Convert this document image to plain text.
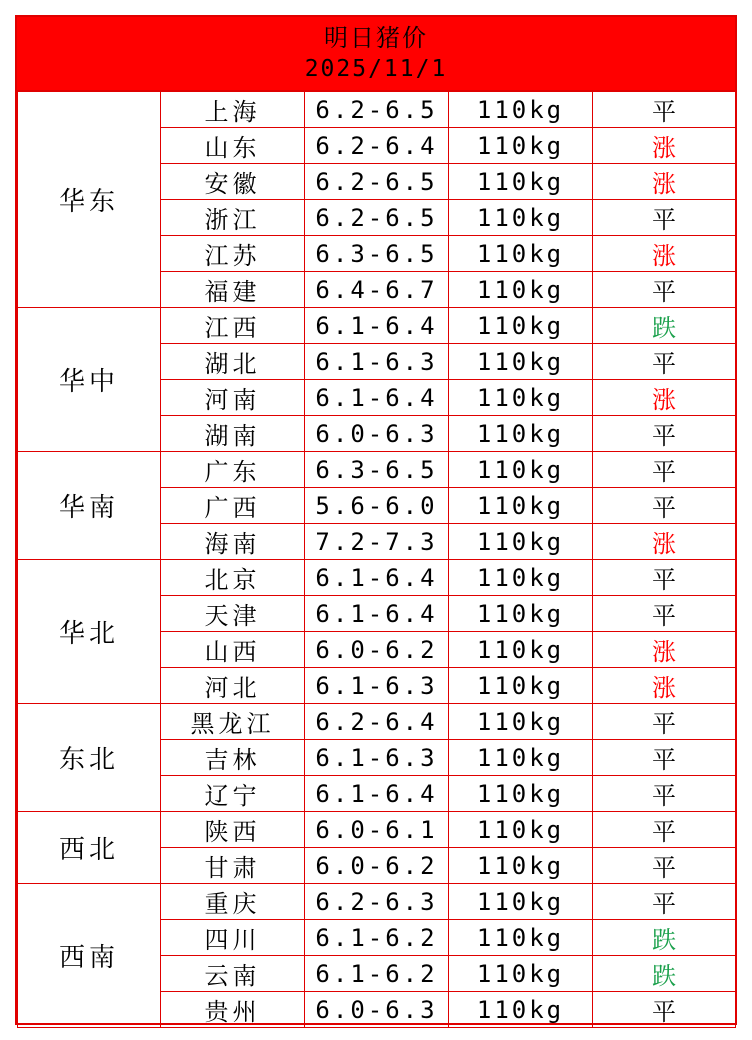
明日猪价
2025/11/1
华东	上海	6.2-6.5	110kg	平
	山东	6.2-6.4	110kg	涨
	安徽	6.2-6.5	110kg	涨
	浙江	6.2-6.5	110kg	平
	江苏	6.3-6.5	110kg	涨
	福建	6.4-6.7	110kg	平
华中	江西	6.1-6.4	110kg	跌
	湖北	6.1-6.3	110kg	平
	河南	6.1-6.4	110kg	涨
	湖南	6.0-6.3	110kg	平
华南	广东	6.3-6.5	110kg	平
	广西	5.6-6.0	110kg	平
	海南	7.2-7.3	110kg	涨
华北	北京	6.1-6.4	110kg	平
	天津	6.1-6.4	110kg	平
	山西	6.0-6.2	110kg	涨
	河北	6.1-6.3	110kg	涨
东北	黑龙江	6.2-6.4	110kg	平
	吉林	6.1-6.3	110kg	平
	辽宁	6.1-6.4	110kg	平
西北	陕西	6.0-6.1	110kg	平
	甘肃	6.0-6.2	110kg	平
西南	重庆	6.2-6.3	110kg	平
	四川	6.1-6.2	110kg	跌
	云南	6.1-6.2	110kg	跌
	贵州	6.0-6.3	110kg	平
